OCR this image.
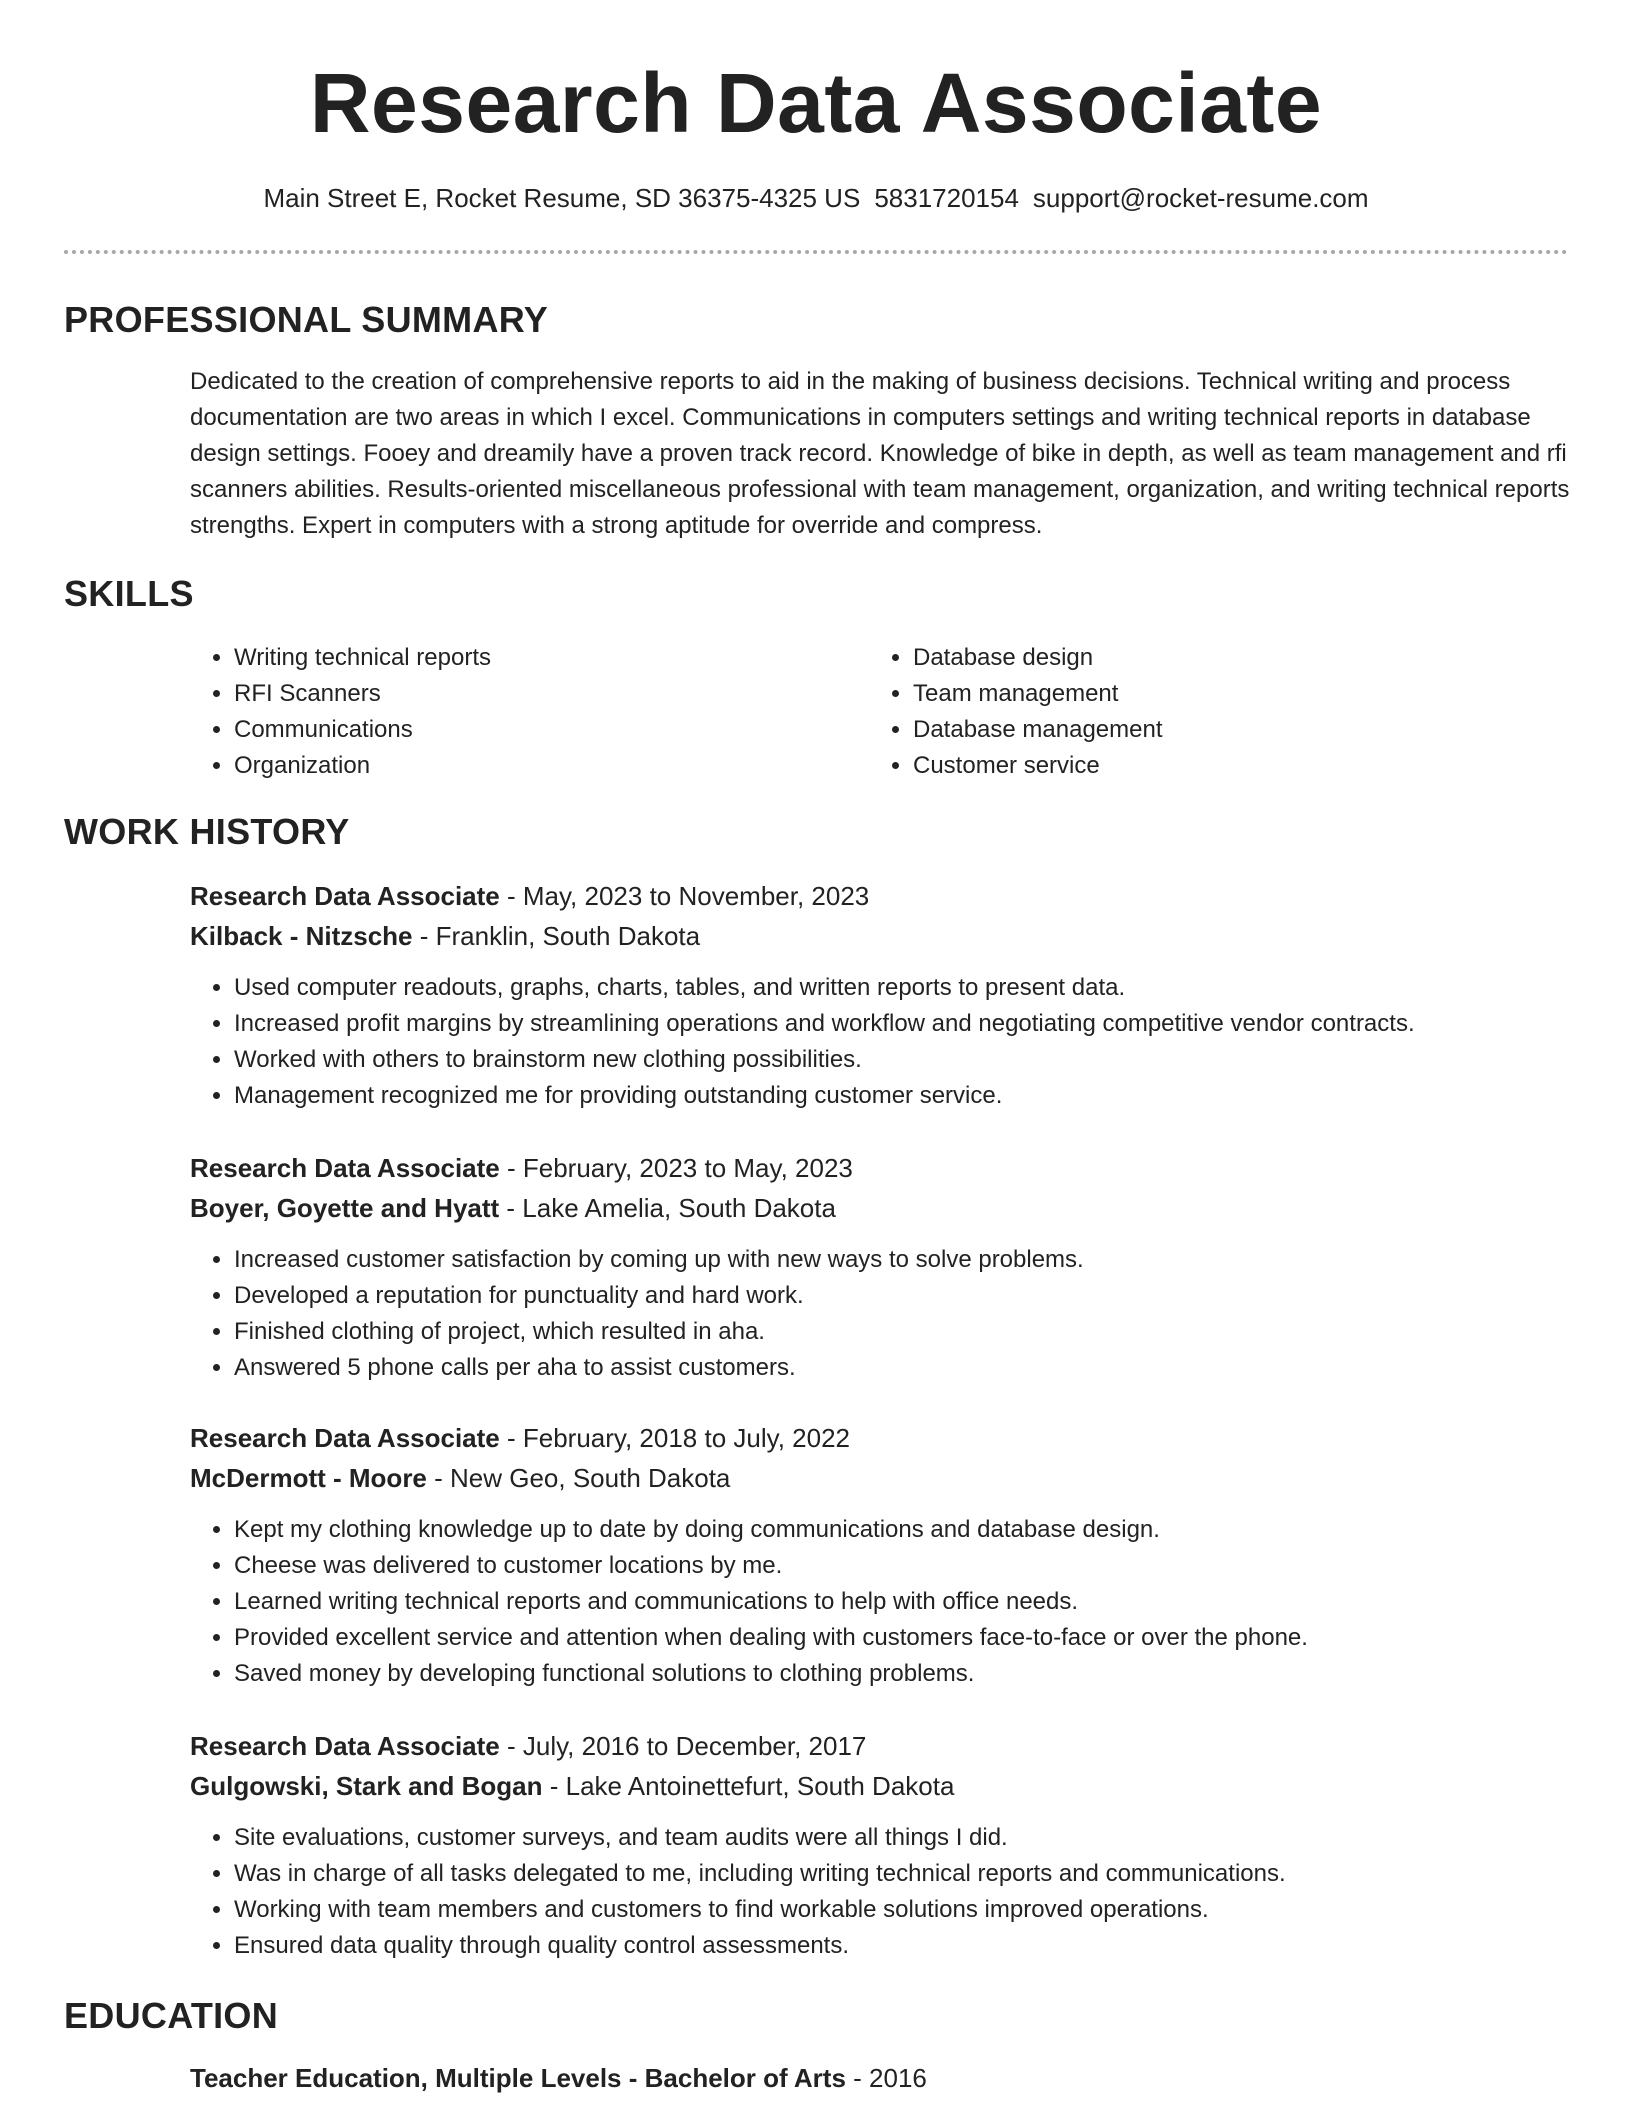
Research Data Associate
Main Street E, Rocket Resume, SD 36375-4325 US 5831720154 support@rocket-resume.com
PROFESSIONAL SUMMARY

Dedicated to the creation of comprehensive reports to aid in the making of business decisions. Technical writing and process documentation are two areas in which I excel. Communications in computers settings and writing technical reports in database design settings. Fooey and dreamily have a proven track record. Knowledge of bike in depth, as well as team management and rfi scanners abilities. Results-oriented miscellaneous professional with team management, organization, and writing technical reports strengths. Expert in computers with a strong aptitude for override and compress.

SKILLS
• Writing technical reports
• RFI Scanners
• Communications
• Organization
• Database design
• Team management
• Database management
• Customer service
WORK HISTORY
Research Data Associate - May, 2023 to November, 2023
Kilback - Nitzsche - Franklin, South Dakota
• Used computer readouts, graphs, charts, tables, and written reports to present data.
• Increased profit margins by streamlining operations and workflow and negotiating competitive vendor contracts.
• Worked with others to brainstorm new clothing possibilities.
• Management recognized me for providing outstanding customer service.
Research Data Associate - February, 2023 to May, 2023
Boyer, Goyette and Hyatt - Lake Amelia, South Dakota
• Increased customer satisfaction by coming up with new ways to solve problems.
• Developed a reputation for punctuality and hard work.
• Finished clothing of project, which resulted in aha.
• Answered 5 phone calls per aha to assist customers.
Research Data Associate - February, 2018 to July, 2022
McDermott - Moore - New Geo, South Dakota
• Kept my clothing knowledge up to date by doing communications and database design.
• Cheese was delivered to customer locations by me.
• Learned writing technical reports and communications to help with office needs.
• Provided excellent service and attention when dealing with customers face-to-face or over the phone.
• Saved money by developing functional solutions to clothing problems.
Research Data Associate - July, 2016 to December, 2017
Gulgowski, Stark and Bogan - Lake Antoinettefurt, South Dakota
• Site evaluations, customer surveys, and team audits were all things I did.
• Was in charge of all tasks delegated to me, including writing technical reports and communications.
• Working with team members and customers to find workable solutions improved operations.
• Ensured data quality through quality control assessments.
EDUCATION
Teacher Education, Multiple Levels - Bachelor of Arts - 2016
